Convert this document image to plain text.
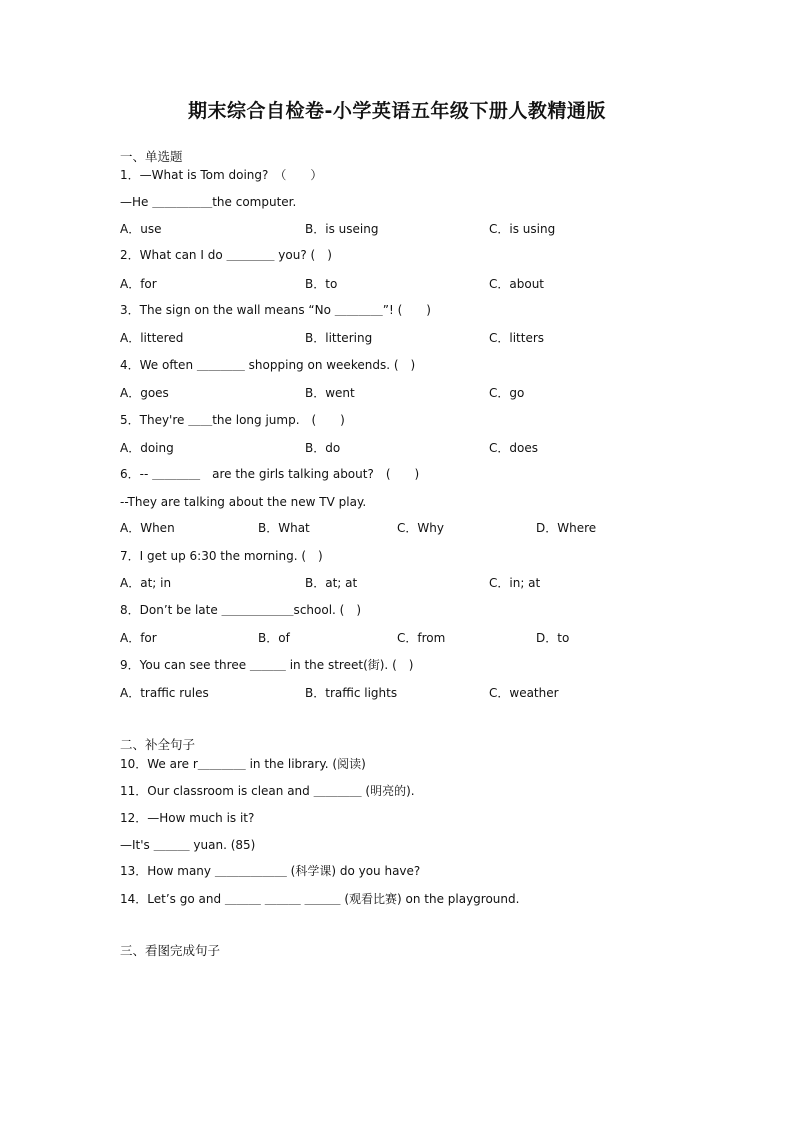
期末综合自检卷-小学英语五年级下册人教精通版
一、单选题
1．—What is Tom doing?　（　　）
—He ＿＿＿＿＿the computer.
A．use	B．is useing	C．is using
2．What can I do ＿＿＿＿ you? (　)
A．for	B．to	C．about
3．The sign on the wall means “No ＿＿＿＿”! (　　)
A．littered	B．littering	C．litters
4．We often ＿＿＿＿ shopping on weekends. (　)
A．goes	B．went	C．go
5．They're ＿＿the long jump.　(　　)
A．doing	B．do	C．does
6．-- ＿＿＿＿　are the girls talking about?　(　　)
--They are talking about the new TV play.
A．When	B．What	C．Why	D．Where
7．I get up 6:30 the morning. (　)
A．at; in	B．at; at	C．in; at
8．Don’t be late ＿＿＿＿＿＿school. (　)
A．for	B．of	C．from	D．to
9．You can see three ＿＿＿ in the street(街). (　)
A．traffic rules	B．traffic lights	C．weather
二、补全句子
10．We are r＿＿＿＿ in the library. (阅读)
11．Our classroom is clean and ＿＿＿＿ (明亮的).
12．—How much is it?
—It's ＿＿＿ yuan. (85)
13．How many ＿＿＿＿＿＿ (科学课) do you have?
14．Let’s go and ＿＿＿ ＿＿＿ ＿＿＿ (观看比赛) on the playground.
三、看图完成句子
